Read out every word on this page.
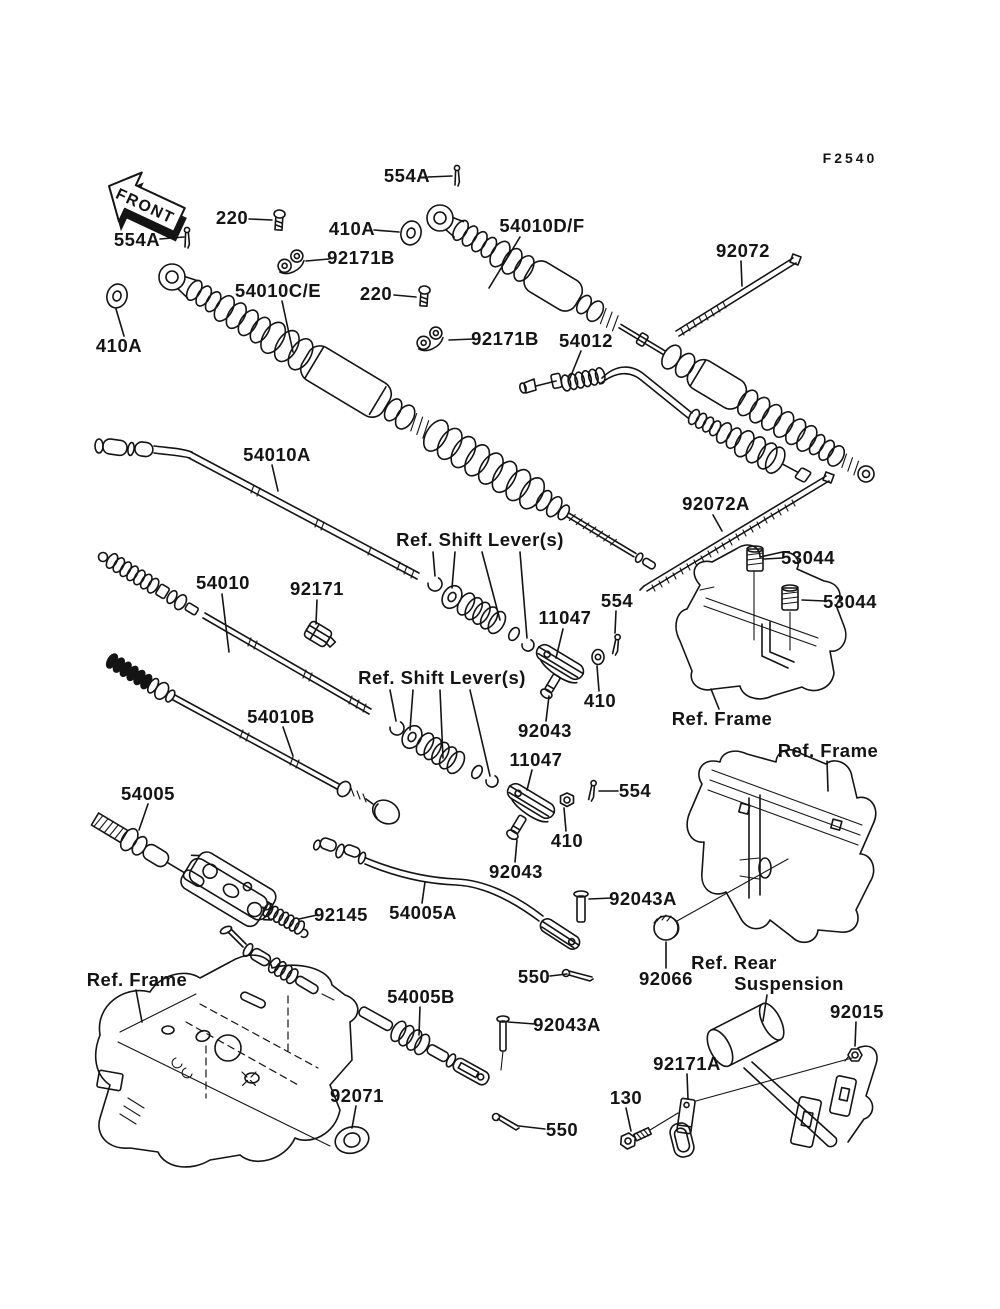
FRONT
F2540
554A
220
410A
92171B
54010C/E
410A
220
92171B
554A
54010D/F
92072
54012
54010A
Ref. Shift Lever(s)
54010 92171
Ref. Shift Lever(s)
11047
554
410
92043
11047
92072A
53044
53044
Ref. Frame
Ref. Frame
54010B
54005
92145 54005A
554
410
92043
92043A
550	92066
Ref. Rear
Suspension
92015
Ref. Frame
54005B
92071
92043A
550
130
92171A
